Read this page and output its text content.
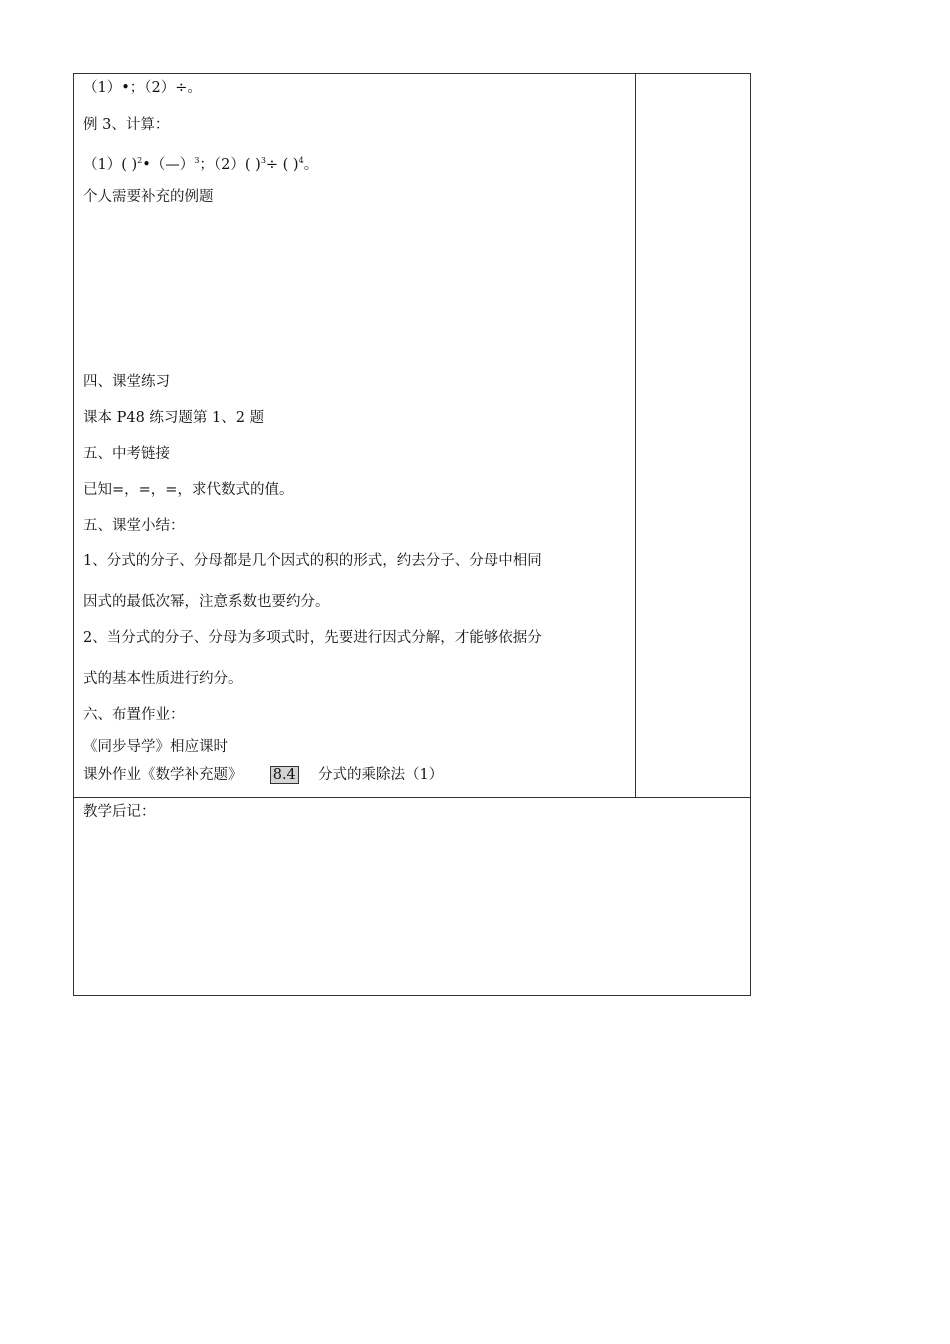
（1）•；（2）÷。
例 3、计算：
（1）( )$^2$•（—）$^3$；（2）( )$^3$÷ ( )$^4$。
个人需要补充的例题
四、课堂练习
课本 P48 练习题第 1、2 题
五、中考链接
已知=，=，=，求代数式的值。
五、课堂小结：
1、分式的分子、分母都是几个因式的积的形式，约去分子、分母中相同
因式的最低次幂，注意系数也要约分。
2、当分式的分子、分母为多项式时，先要进行因式分解，才能够依据分
式的基本性质进行约分。
六、布置作业：
《同步导学》相应课时
课外作业《数学补充题》 8.4 分式的乘除法（1）
教学后记：
